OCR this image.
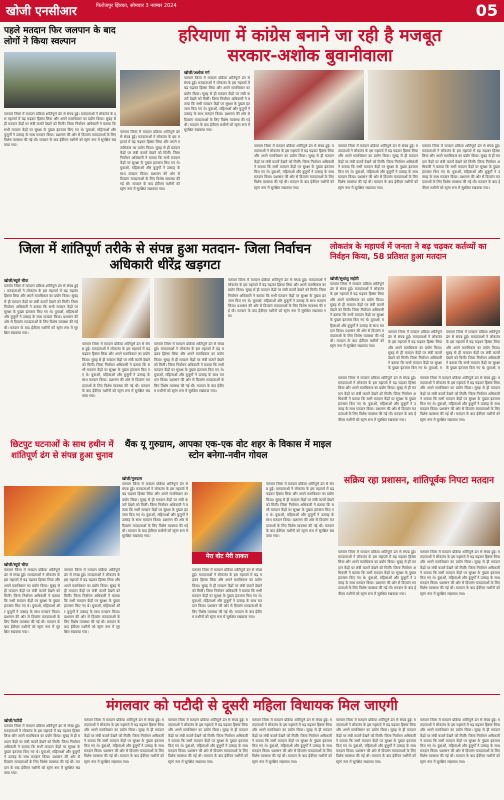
खोजी एनसीआर	फिरोजपुर झिरका, सोमवार 3 नवम्बर 2024	05
पहले मतदान फिर जलपान के बाद लोगों ने किया स्वल्पान
पलवल जिला में मतदान प्रक्रिया शांतिपूर्ण ढंग से संपन्न हुई। मतदाताओं ने लोकतंत्र के इस महापर्व में बढ़ चढ़कर हिस्सा लिया और अपने मताधिकार का प्रयोग किया। सुबह से ही मतदान केंद्रों पर लंबी कतारें देखने को मिलीं। जिला निर्वाचन अधिकारी ने बताया कि सभी मतदान केंद्रों पर सुरक्षा के पुख्ता इंतजाम किए गए थे। युवाओं, महिलाओं और बुजुर्गों ने उत्साह के साथ मतदान किया। प्रशासन की ओर से दिव्यांग मतदाताओं के लिए विशेष व्यवस्था की गई थी। मतदान के बाद ईवीएम मशीनों को स्ट्रांग रूम में सुरक्षित रखवाया गया।
हरियाणा में कांग्रेस बनाने जा रही है मजबूत
सरकार-अशोक बुवानीवाला
खोजी/अशोक गर्ग
पलवल जिला में मतदान प्रक्रिया शांतिपूर्ण ढंग से संपन्न हुई। मतदाताओं ने लोकतंत्र के इस महापर्व में बढ़ चढ़कर हिस्सा लिया और अपने मताधिकार का प्रयोग किया। सुबह से ही मतदान केंद्रों पर लंबी कतारें देखने को मिलीं। जिला निर्वाचन अधिकारी ने बताया कि सभी मतदान केंद्रों पर सुरक्षा के पुख्ता इंतजाम किए गए थे। युवाओं, महिलाओं और बुजुर्गों ने उत्साह के साथ मतदान किया। प्रशासन की ओर से दिव्यांग मतदाताओं के लिए विशेष व्यवस्था की गई थी। मतदान के बाद ईवीएम मशीनों को स्ट्रांग रूम में सुरक्षित रखवाया गया।
पलवल जिला में मतदान प्रक्रिया शांतिपूर्ण ढंग से संपन्न हुई। मतदाताओं ने लोकतंत्र के इस महापर्व में बढ़ चढ़कर हिस्सा लिया और अपने मताधिकार का प्रयोग किया। सुबह से ही मतदान केंद्रों पर लंबी कतारें देखने को मिलीं। जिला निर्वाचन अधिकारी ने बताया कि सभी मतदान केंद्रों पर सुरक्षा के पुख्ता इंतजाम किए गए थे। युवाओं, महिलाओं और बुजुर्गों ने उत्साह के साथ मतदान किया। प्रशासन की ओर से दिव्यांग मतदाताओं के लिए विशेष व्यवस्था की गई थी। मतदान के बाद ईवीएम मशीनों को स्ट्रांग रूम में सुरक्षित रखवाया गया।
पलवल जिला में मतदान प्रक्रिया शांतिपूर्ण ढंग से संपन्न हुई। मतदाताओं ने लोकतंत्र के इस महापर्व में बढ़ चढ़कर हिस्सा लिया और अपने मताधिकार का प्रयोग किया। सुबह से ही मतदान केंद्रों पर लंबी कतारें देखने को मिलीं। जिला निर्वाचन अधिकारी ने बताया कि सभी मतदान केंद्रों पर सुरक्षा के पुख्ता इंतजाम किए गए थे। युवाओं, महिलाओं और बुजुर्गों ने उत्साह के साथ मतदान किया। प्रशासन की ओर से दिव्यांग मतदाताओं के लिए विशेष व्यवस्था की गई थी। मतदान के बाद ईवीएम मशीनों को स्ट्रांग रूम में सुरक्षित रखवाया गया।
पलवल जिला में मतदान प्रक्रिया शांतिपूर्ण ढंग से संपन्न हुई। मतदाताओं ने लोकतंत्र के इस महापर्व में बढ़ चढ़कर हिस्सा लिया और अपने मताधिकार का प्रयोग किया। सुबह से ही मतदान केंद्रों पर लंबी कतारें देखने को मिलीं। जिला निर्वाचन अधिकारी ने बताया कि सभी मतदान केंद्रों पर सुरक्षा के पुख्ता इंतजाम किए गए थे। युवाओं, महिलाओं और बुजुर्गों ने उत्साह के साथ मतदान किया। प्रशासन की ओर से दिव्यांग मतदाताओं के लिए विशेष व्यवस्था की गई थी। मतदान के बाद ईवीएम मशीनों को स्ट्रांग रूम में सुरक्षित रखवाया गया।
पलवल जिला में मतदान प्रक्रिया शांतिपूर्ण ढंग से संपन्न हुई। मतदाताओं ने लोकतंत्र के इस महापर्व में बढ़ चढ़कर हिस्सा लिया और अपने मताधिकार का प्रयोग किया। सुबह से ही मतदान केंद्रों पर लंबी कतारें देखने को मिलीं। जिला निर्वाचन अधिकारी ने बताया कि सभी मतदान केंद्रों पर सुरक्षा के पुख्ता इंतजाम किए गए थे। युवाओं, महिलाओं और बुजुर्गों ने उत्साह के साथ मतदान किया। प्रशासन की ओर से दिव्यांग मतदाताओं के लिए विशेष व्यवस्था की गई थी। मतदान के बाद ईवीएम मशीनों को स्ट्रांग रूम में सुरक्षित रखवाया गया।
जिला में शांतिपूर्ण तरीके से संपन्न हुआ मतदान- जिला निर्वाचन अधिकारी धीरेंद्र खड़गटा
खोजी/ब्यूरो चीफ
पलवल जिला में मतदान प्रक्रिया शांतिपूर्ण ढंग से संपन्न हुई। मतदाताओं ने लोकतंत्र के इस महापर्व में बढ़ चढ़कर हिस्सा लिया और अपने मताधिकार का प्रयोग किया। सुबह से ही मतदान केंद्रों पर लंबी कतारें देखने को मिलीं। जिला निर्वाचन अधिकारी ने बताया कि सभी मतदान केंद्रों पर सुरक्षा के पुख्ता इंतजाम किए गए थे। युवाओं, महिलाओं और बुजुर्गों ने उत्साह के साथ मतदान किया। प्रशासन की ओर से दिव्यांग मतदाताओं के लिए विशेष व्यवस्था की गई थी। मतदान के बाद ईवीएम मशीनों को स्ट्रांग रूम में सुरक्षित रखवाया गया।
पलवल जिला में मतदान प्रक्रिया शांतिपूर्ण ढंग से संपन्न हुई। मतदाताओं ने लोकतंत्र के इस महापर्व में बढ़ चढ़कर हिस्सा लिया और अपने मताधिकार का प्रयोग किया। सुबह से ही मतदान केंद्रों पर लंबी कतारें देखने को मिलीं। जिला निर्वाचन अधिकारी ने बताया कि सभी मतदान केंद्रों पर सुरक्षा के पुख्ता इंतजाम किए गए थे। युवाओं, महिलाओं और बुजुर्गों ने उत्साह के साथ मतदान किया। प्रशासन की ओर से दिव्यांग मतदाताओं के लिए विशेष व्यवस्था की गई थी। मतदान के बाद ईवीएम मशीनों को स्ट्रांग रूम में सुरक्षित रखवाया गया।
पलवल जिला में मतदान प्रक्रिया शांतिपूर्ण ढंग से संपन्न हुई। मतदाताओं ने लोकतंत्र के इस महापर्व में बढ़ चढ़कर हिस्सा लिया और अपने मताधिकार का प्रयोग किया। सुबह से ही मतदान केंद्रों पर लंबी कतारें देखने को मिलीं। जिला निर्वाचन अधिकारी ने बताया कि सभी मतदान केंद्रों पर सुरक्षा के पुख्ता इंतजाम किए गए थे। युवाओं, महिलाओं और बुजुर्गों ने उत्साह के साथ मतदान किया। प्रशासन की ओर से दिव्यांग मतदाताओं के लिए विशेष व्यवस्था की गई थी। मतदान के बाद ईवीएम मशीनों को स्ट्रांग रूम में सुरक्षित रखवाया गया।
पलवल जिला में मतदान प्रक्रिया शांतिपूर्ण ढंग से संपन्न हुई। मतदाताओं ने लोकतंत्र के इस महापर्व में बढ़ चढ़कर हिस्सा लिया और अपने मताधिकार का प्रयोग किया। सुबह से ही मतदान केंद्रों पर लंबी कतारें देखने को मिलीं। जिला निर्वाचन अधिकारी ने बताया कि सभी मतदान केंद्रों पर सुरक्षा के पुख्ता इंतजाम किए गए थे। युवाओं, महिलाओं और बुजुर्गों ने उत्साह के साथ मतदान किया। प्रशासन की ओर से दिव्यांग मतदाताओं के लिए विशेष व्यवस्था की गई थी। मतदान के बाद ईवीएम मशीनों को स्ट्रांग रूम में सुरक्षित रखवाया गया।
लोकतंत्र के महापर्व में जनता ने बढ़ चढ़कर कर्तव्यों का निर्वहन किया, 58 प्रतिशत हुआ मतदान
खोजी/सुधांशु सहोरी
पलवल जिला में मतदान प्रक्रिया शांतिपूर्ण ढंग से संपन्न हुई। मतदाताओं ने लोकतंत्र के इस महापर्व में बढ़ चढ़कर हिस्सा लिया और अपने मताधिकार का प्रयोग किया। सुबह से ही मतदान केंद्रों पर लंबी कतारें देखने को मिलीं। जिला निर्वाचन अधिकारी ने बताया कि सभी मतदान केंद्रों पर सुरक्षा के पुख्ता इंतजाम किए गए थे। युवाओं, महिलाओं और बुजुर्गों ने उत्साह के साथ मतदान किया। प्रशासन की ओर से दिव्यांग मतदाताओं के लिए विशेष व्यवस्था की गई थी। मतदान के बाद ईवीएम मशीनों को स्ट्रांग रूम में सुरक्षित रखवाया गया।
पलवल जिला में मतदान प्रक्रिया शांतिपूर्ण ढंग से संपन्न हुई। मतदाताओं ने लोकतंत्र के इस महापर्व में बढ़ चढ़कर हिस्सा लिया और अपने मताधिकार का प्रयोग किया। सुबह से ही मतदान केंद्रों पर लंबी कतारें देखने को मिलीं। जिला निर्वाचन अधिकारी ने बताया कि सभी मतदान केंद्रों पर सुरक्षा के पुख्ता इंतजाम किए गए थे। युवाओं, म
पलवल जिला में मतदान प्रक्रिया शांतिपूर्ण ढंग से संपन्न हुई। मतदाताओं ने लोकतंत्र के इस महापर्व में बढ़ चढ़कर हिस्सा लिया और अपने मताधिकार का प्रयोग किया। सुबह से ही मतदान केंद्रों पर लंबी कतारें देखने को मिलीं। जिला निर्वाचन अधिकारी ने बताया कि सभी मतदान केंद्रों पर सुरक्षा के पुख्ता इंतजाम किए गए थे। युवाओं, म
छिटपुट घटनाओं के साथ हथीन में शांतिपूर्ण ढंग से संपन्न हुआ चुनाव
थैंक यू गुरुग्राम, आपका एक-एक वोट शहर के विकास में माइल स्टोन बनेगा-नवीन गोयल
खोजी/गुरुग्राम
पलवल जिला में मतदान प्रक्रिया शांतिपूर्ण ढंग से संपन्न हुई। मतदाताओं ने लोकतंत्र के इस महापर्व में बढ़ चढ़कर हिस्सा लिया और अपने मताधिकार का प्रयोग किया। सुबह से ही मतदान केंद्रों पर लंबी कतारें देखने को मिलीं। जिला निर्वाचन अधिकारी ने बताया कि सभी मतदान केंद्रों पर सुरक्षा के पुख्ता इंतजाम किए गए थे। युवाओं, महिलाओं और बुजुर्गों ने उत्साह के साथ मतदान किया। प्रशासन की ओर से दिव्यांग मतदाताओं के लिए विशेष व्यवस्था की गई थी। मतदान के बाद ईवीएम मशीनों को स्ट्रांग रूम में सुरक्षित रखवाया गया।
मेरा वोट मेरी ताकत
पलवल जिला में मतदान प्रक्रिया शांतिपूर्ण ढंग से संपन्न हुई। मतदाताओं ने लोकतंत्र के इस महापर्व में बढ़ चढ़कर हिस्सा लिया और अपने मताधिकार का प्रयोग किया। सुबह से ही मतदान केंद्रों पर लंबी कतारें देखने को मिलीं। जिला निर्वाचन अधिकारी ने बताया कि सभी मतदान केंद्रों पर सुरक्षा के पुख्ता इंतजाम किए गए थे। युवाओं, महिलाओं और बुजुर्गों ने उत्साह के साथ मतदान किया। प्रशासन की ओर से दिव्यांग मतदाताओं के लिए विशेष व्यवस्था की गई थी। मतदान के बाद ईवीएम मशीनों को स्ट्रांग रूम में सुरक्षित रखवाया गया।
पलवल जिला में मतदान प्रक्रिया शांतिपूर्ण ढंग से संपन्न हुई। मतदाताओं ने लोकतंत्र के इस महापर्व में बढ़ चढ़कर हिस्सा लिया और अपने मताधिकार का प्रयोग किया। सुबह से ही मतदान केंद्रों पर लंबी कतारें देखने को मिलीं। जिला निर्वाचन अधिकारी ने बताया कि सभी मतदान केंद्रों पर सुरक्षा के पुख्ता इंतजाम किए गए थे। युवाओं, महिलाओं और बुजुर्गों ने उत्साह के साथ मतदान किया। प्रशासन की ओर से दिव्यांग मतदाताओं के लिए विशेष व्यवस्था की गई थी। मतदान के बाद ईवीएम मशीनों को स्ट्रांग रूम में सुरक्षित रखवाया गया।
पलवल जिला में मतदान प्रक्रिया शांतिपूर्ण ढंग से संपन्न हुई। मतदाताओं ने लोकतंत्र के इस महापर्व में बढ़ चढ़कर हिस्सा लिया और अपने मताधिकार का प्रयोग किया। सुबह से ही मतदान केंद्रों पर लंबी कतारें देखने को मिलीं। जिला निर्वाचन अधिकारी ने बताया कि सभी मतदान केंद्रों पर सुरक्षा के पुख्ता इंतजाम किए गए थे। युवाओं, महिलाओं और बुजुर्गों ने उत्साह के साथ मतदान किया। प्रशासन की ओर से दिव्यांग मतदाताओं के लिए विशेष व्यवस्था की गई थी। मतदान के बाद ईवीएम मशीनों को स्ट्रांग रूम में सुरक्षित रखवाया गया।
पलवल जिला में मतदान प्रक्रिया शांतिपूर्ण ढंग से संपन्न हुई। मतदाताओं ने लोकतंत्र के इस महापर्व में बढ़ चढ़कर हिस्सा लिया और अपने मताधिकार का प्रयोग किया। सुबह से ही मतदान केंद्रों पर लंबी कतारें देखने को मिलीं। जिला निर्वाचन अधिकारी ने बताया कि सभी मतदान केंद्रों पर सुरक्षा के पुख्ता इंतजाम किए गए थे। युवाओं, महिलाओं और बुजुर्गों ने उत्साह के साथ मतदान किया। प्रशासन की ओर से दिव्यांग मतदाताओं के लिए विशेष व्यवस्था की गई थी। मतदान के बाद ईवीएम मशीनों को स्ट्रांग रूम में सुरक्षित रखवाया गया।
सक्रिय रहा प्रशासन, शांतिपूर्वक निपटा मतदान
खोजी/ब्यूरो चीफ
पलवल जिला में मतदान प्रक्रिया शांतिपूर्ण ढंग से संपन्न हुई। मतदाताओं ने लोकतंत्र के इस महापर्व में बढ़ चढ़कर हिस्सा लिया और अपने मताधिकार का प्रयोग किया। सुबह से ही मतदान केंद्रों पर लंबी कतारें देखने को मिलीं। जिला निर्वाचन अधिकारी ने बताया कि सभी मतदान केंद्रों पर सुरक्षा के पुख्ता इंतजाम किए गए थे। युवाओं, महिलाओं और बुजुर्गों ने उत्साह के साथ मतदान किया। प्रशासन की ओर से दिव्यांग मतदाताओं के लिए विशेष व्यवस्था की गई थी। मतदान के बाद ईवीएम मशीनों को स्ट्रांग रूम में सुरक्षित रखवाया गया।
पलवल जिला में मतदान प्रक्रिया शांतिपूर्ण ढंग से संपन्न हुई। मतदाताओं ने लोकतंत्र के इस महापर्व में बढ़ चढ़कर हिस्सा लिया और अपने मताधिकार का प्रयोग किया। सुबह से ही मतदान केंद्रों पर लंबी कतारें देखने को मिलीं। जिला निर्वाचन अधिकारी ने बताया कि सभी मतदान केंद्रों पर सुरक्षा के पुख्ता इंतजाम किए गए थे। युवाओं, महिलाओं और बुजुर्गों ने उत्साह के साथ मतदान किया। प्रशासन की ओर से दिव्यांग मतदाताओं के लिए विशेष व्यवस्था की गई थी। मतदान के बाद ईवीएम मशीनों को स्ट्रांग रूम में सुरक्षित रखवाया गया।
पलवल जिला में मतदान प्रक्रिया शांतिपूर्ण ढंग से संपन्न हुई। मतदाताओं ने लोकतंत्र के इस महापर्व में बढ़ चढ़कर हिस्सा लिया और अपने मताधिकार का प्रयोग किया। सुबह से ही मतदान केंद्रों पर लंबी कतारें देखने को मिलीं। जिला निर्वाचन अधिकारी ने बताया कि सभी मतदान केंद्रों पर सुरक्षा के पुख्ता इंतजाम किए गए थे। युवाओं, महिलाओं और बुजुर्गों ने उत्साह के साथ मतदान किया। प्रशासन की ओर से दिव्यांग मतदाताओं के लिए विशेष व्यवस्था की गई थी। मतदान के बाद ईवीएम मशीनों को स्ट्रांग रूम में सुरक्षित रखवाया गया।
पलवल जिला में मतदान प्रक्रिया शांतिपूर्ण ढंग से संपन्न हुई। मतदाताओं ने लोकतंत्र के इस महापर्व में बढ़ चढ़कर हिस्सा लिया और अपने मताधिकार का प्रयोग किया। सुबह से ही मतदान केंद्रों पर लंबी कतारें देखने को मिलीं। जिला निर्वाचन अधिकारी ने बताया कि सभी मतदान केंद्रों पर सुरक्षा के पुख्ता इंतजाम किए गए थे। युवाओं, महिलाओं और बुजुर्गों ने उत्साह के साथ मतदान किया। प्रशासन की ओर से दिव्यांग मतदाताओं के लिए विशेष व्यवस्था की गई थी। मतदान के बाद ईवीएम मशीनों को स्ट्रांग रूम में सुरक्षित रखवाया गया।
मंगलवार को पटौदी से दूसरी महिला विधायक मिल जाएगी
खोजी/पटौदी
पलवल जिला में मतदान प्रक्रिया शांतिपूर्ण ढंग से संपन्न हुई। मतदाताओं ने लोकतंत्र के इस महापर्व में बढ़ चढ़कर हिस्सा लिया और अपने मताधिकार का प्रयोग किया। सुबह से ही मतदान केंद्रों पर लंबी कतारें देखने को मिलीं। जिला निर्वाचन अधिकारी ने बताया कि सभी मतदान केंद्रों पर सुरक्षा के पुख्ता इंतजाम किए गए थे। युवाओं, महिलाओं और बुजुर्गों ने उत्साह के साथ मतदान किया। प्रशासन की ओर से दिव्यांग मतदाताओं के लिए विशेष व्यवस्था की गई थी। मतदान के बाद ईवीएम मशीनों को स्ट्रांग रूम में सुरक्षित रखवाया गया।
पलवल जिला में मतदान प्रक्रिया शांतिपूर्ण ढंग से संपन्न हुई। मतदाताओं ने लोकतंत्र के इस महापर्व में बढ़ चढ़कर हिस्सा लिया और अपने मताधिकार का प्रयोग किया। सुबह से ही मतदान केंद्रों पर लंबी कतारें देखने को मिलीं। जिला निर्वाचन अधिकारी ने बताया कि सभी मतदान केंद्रों पर सुरक्षा के पुख्ता इंतजाम किए गए थे। युवाओं, महिलाओं और बुजुर्गों ने उत्साह के साथ मतदान किया। प्रशासन की ओर से दिव्यांग मतदाताओं के लिए विशेष व्यवस्था की गई थी। मतदान के बाद ईवीएम मशीनों को स्ट्रांग रूम में सुरक्षित रखवाया गया।
पलवल जिला में मतदान प्रक्रिया शांतिपूर्ण ढंग से संपन्न हुई। मतदाताओं ने लोकतंत्र के इस महापर्व में बढ़ चढ़कर हिस्सा लिया और अपने मताधिकार का प्रयोग किया। सुबह से ही मतदान केंद्रों पर लंबी कतारें देखने को मिलीं। जिला निर्वाचन अधिकारी ने बताया कि सभी मतदान केंद्रों पर सुरक्षा के पुख्ता इंतजाम किए गए थे। युवाओं, महिलाओं और बुजुर्गों ने उत्साह के साथ मतदान किया। प्रशासन की ओर से दिव्यांग मतदाताओं के लिए विशेष व्यवस्था की गई थी। मतदान के बाद ईवीएम मशीनों को स्ट्रांग रूम में सुरक्षित रखवाया गया।
पलवल जिला में मतदान प्रक्रिया शांतिपूर्ण ढंग से संपन्न हुई। मतदाताओं ने लोकतंत्र के इस महापर्व में बढ़ चढ़कर हिस्सा लिया और अपने मताधिकार का प्रयोग किया। सुबह से ही मतदान केंद्रों पर लंबी कतारें देखने को मिलीं। जिला निर्वाचन अधिकारी ने बताया कि सभी मतदान केंद्रों पर सुरक्षा के पुख्ता इंतजाम किए गए थे। युवाओं, महिलाओं और बुजुर्गों ने उत्साह के साथ मतदान किया। प्रशासन की ओर से दिव्यांग मतदाताओं के लिए विशेष व्यवस्था की गई थी। मतदान के बाद ईवीएम मशीनों को स्ट्रांग रूम में सुरक्षित रखवाया गया।
पलवल जिला में मतदान प्रक्रिया शांतिपूर्ण ढंग से संपन्न हुई। मतदाताओं ने लोकतंत्र के इस महापर्व में बढ़ चढ़कर हिस्सा लिया और अपने मताधिकार का प्रयोग किया। सुबह से ही मतदान केंद्रों पर लंबी कतारें देखने को मिलीं। जिला निर्वाचन अधिकारी ने बताया कि सभी मतदान केंद्रों पर सुरक्षा के पुख्ता इंतजाम किए गए थे। युवाओं, महिलाओं और बुजुर्गों ने उत्साह के साथ मतदान किया। प्रशासन की ओर से दिव्यांग मतदाताओं के लिए विशेष व्यवस्था की गई थी। मतदान के बाद ईवीएम मशीनों को स्ट्रांग रूम में सुरक्षित रखवाया गया।
पलवल जिला में मतदान प्रक्रिया शांतिपूर्ण ढंग से संपन्न हुई। मतदाताओं ने लोकतंत्र के इस महापर्व में बढ़ चढ़कर हिस्सा लिया और अपने मताधिकार का प्रयोग किया। सुबह से ही मतदान केंद्रों पर लंबी कतारें देखने को मिलीं। जिला निर्वाचन अधिकारी ने बताया कि सभी मतदान केंद्रों पर सुरक्षा के पुख्ता इंतजाम किए गए थे। युवाओं, महिलाओं और बुजुर्गों ने उत्साह के साथ मतदान किया। प्रशासन की ओर से दिव्यांग मतदाताओं के लिए विशेष व्यवस्था की गई थी। मतदान के बाद ईवीएम मशीनों को स्ट्रांग रूम में सुरक्षित रखवाया गया।
